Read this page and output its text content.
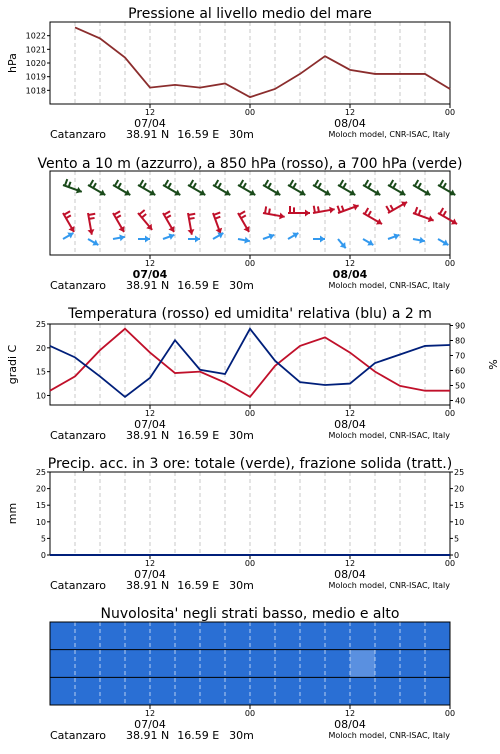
Pressione al livello medio del mare
12	00	12	00
07/04	08/04
Catanzaro 38.91 N 16.59 E 30m	Moloch model, CNR-ISAC, Italy
1018
1019
1020
1021
1022
hPa
Vento a 10 m (azzurro), a 850 hPa (rosso), a 700 hPa (verde)
12	00	12	00
07/04	08/04
Catanzaro 38.91 N 16.59 E 30m	Moloch model, CNR-ISAC, Italy
Temperatura (rosso) ed umidita' relativa (blu) a 2 m
12	00	12	00
07/04	08/04
Catanzaro 38.91 N 16.59 E 30m	Moloch model, CNR-ISAC, Italy
10
15
20
25
gradi C
40
50
60
70
80
90
%
Precip. acc. in 3 ore: totale (verde), frazione solida (tratt.)
12	00	12	00
07/04	08/04
Catanzaro 38.91 N 16.59 E 30m	Moloch model, CNR-ISAC, Italy
0	0
5	5
10	10
15	15
20	20
25	25
mm
Nuvolosita' negli strati basso, medio e alto
12	00	12	00
07/04	08/04
Catanzaro 38.91 N 16.59 E 30m	Moloch model, CNR-ISAC, Italy
